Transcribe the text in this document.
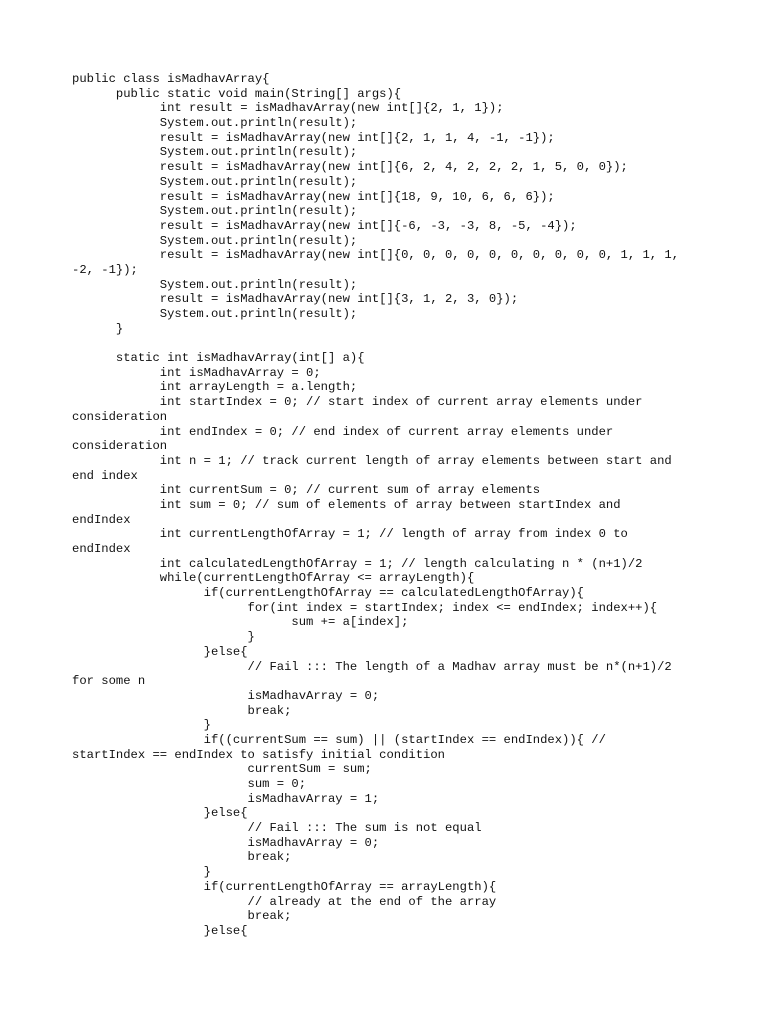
public class isMadhavArray{
public static void main(String[] args){
int result = isMadhavArray(new int[]{2, 1, 1});
System.out.println(result);
result = isMadhavArray(new int[]{2, 1, 1, 4, -1, -1});
System.out.println(result);
result = isMadhavArray(new int[]{6, 2, 4, 2, 2, 2, 1, 5, 0, 0});
System.out.println(result);
result = isMadhavArray(new int[]{18, 9, 10, 6, 6, 6});
System.out.println(result);
result = isMadhavArray(new int[]{-6, -3, -3, 8, -5, -4});
System.out.println(result);
result = isMadhavArray(new int[]{0, 0, 0, 0, 0, 0, 0, 0, 0, 0, 1, 1, 1,
-2, -1});
System.out.println(result);
result = isMadhavArray(new int[]{3, 1, 2, 3, 0});
System.out.println(result);
}
static int isMadhavArray(int[] a){
int isMadhavArray = 0;
int arrayLength = a.length;
int startIndex = 0; // start index of current array elements under
consideration
int endIndex = 0; // end index of current array elements under
consideration
int n = 1; // track current length of array elements between start and
end index
int currentSum = 0; // current sum of array elements
int sum = 0; // sum of elements of array between startIndex and
endIndex
int currentLengthOfArray = 1; // length of array from index 0 to
endIndex
int calculatedLengthOfArray = 1; // length calculating n * (n+1)/2
while(currentLengthOfArray <= arrayLength){
if(currentLengthOfArray == calculatedLengthOfArray){
for(int index = startIndex; index <= endIndex; index++){
sum += a[index];
}
}else{
// Fail ::: The length of a Madhav array must be n*(n+1)/2
for some n
isMadhavArray = 0;
break;
}
if((currentSum == sum) || (startIndex == endIndex)){ //
startIndex == endIndex to satisfy initial condition
currentSum = sum;
sum = 0;
isMadhavArray = 1;
}else{
// Fail ::: The sum is not equal
isMadhavArray = 0;
break;
}
if(currentLengthOfArray == arrayLength){
// already at the end of the array
break;
}else{
